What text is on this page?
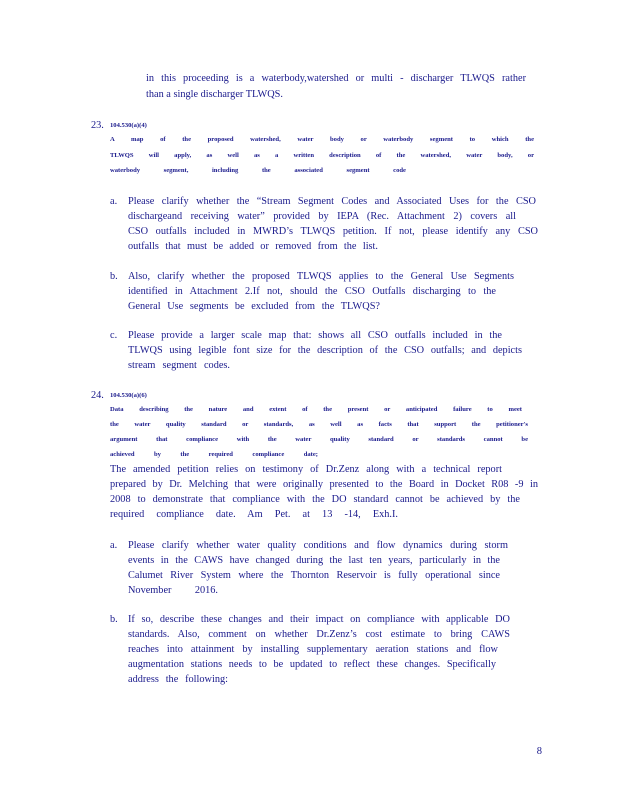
in this proceeding is a waterbody,watershed or multi - discharger TLWQS rather
than a single discharger TLWQS.
23. 104.530(a)(4)
A map of the proposed watershed, water body or waterbody segment to which the
TLWQS will apply, as well as a written description of the watershed, water body, or
waterbody segment, including the associated segment code
a. Please clarify whether the “Stream Segment Codes and Associated Uses for the CSO
dischargeand receiving water” provided by IEPA (Rec. Attachment 2) covers all
CSO outfalls included in MWRD’s TLWQS petition. If not, please identify any CSO
outfalls that must be added or removed from the list.
b. Also, clarify whether the proposed TLWQS applies to the General Use Segments
identified in Attachment 2.If not, should the CSO Outfalls discharging to the
General Use segments be excluded from the TLWQS?
c. Please provide a larger scale map that: shows all CSO outfalls included in the
TLWQS using legible font size for the description of the CSO outfalls; and depicts
stream segment codes.
24. 104.530(a)(6)
Data describing the nature and extent of the present or anticipated failure to meet
the water quality standard or standards, as well as facts that support the petitioner's
argument that compliance with the water quality standard or standards cannot be
achieved by the required compliance date;
The amended petition relies on testimony of Dr.Zenz along with a technical report
prepared by Dr. Melching that were originally presented to the Board in Docket R08 -9 in
2008 to demonstrate that compliance with the DO standard cannot be achieved by the
required compliance date. Am Pet. at 13 -14, Exh.I.
a. Please clarify whether water quality conditions and flow dynamics during storm
events in the CAWS have changed during the last ten years, particularly in the
Calumet River System where the Thornton Reservoir is fully operational since
November 2016.
b. If so, describe these changes and their impact on compliance with applicable DO
standards. Also, comment on whether Dr.Zenz’s cost estimate to bring CAWS
reaches into attainment by installing supplementary aeration stations and flow
augmentation stations needs to be updated to reflect these changes. Specifically
address the following:
8
